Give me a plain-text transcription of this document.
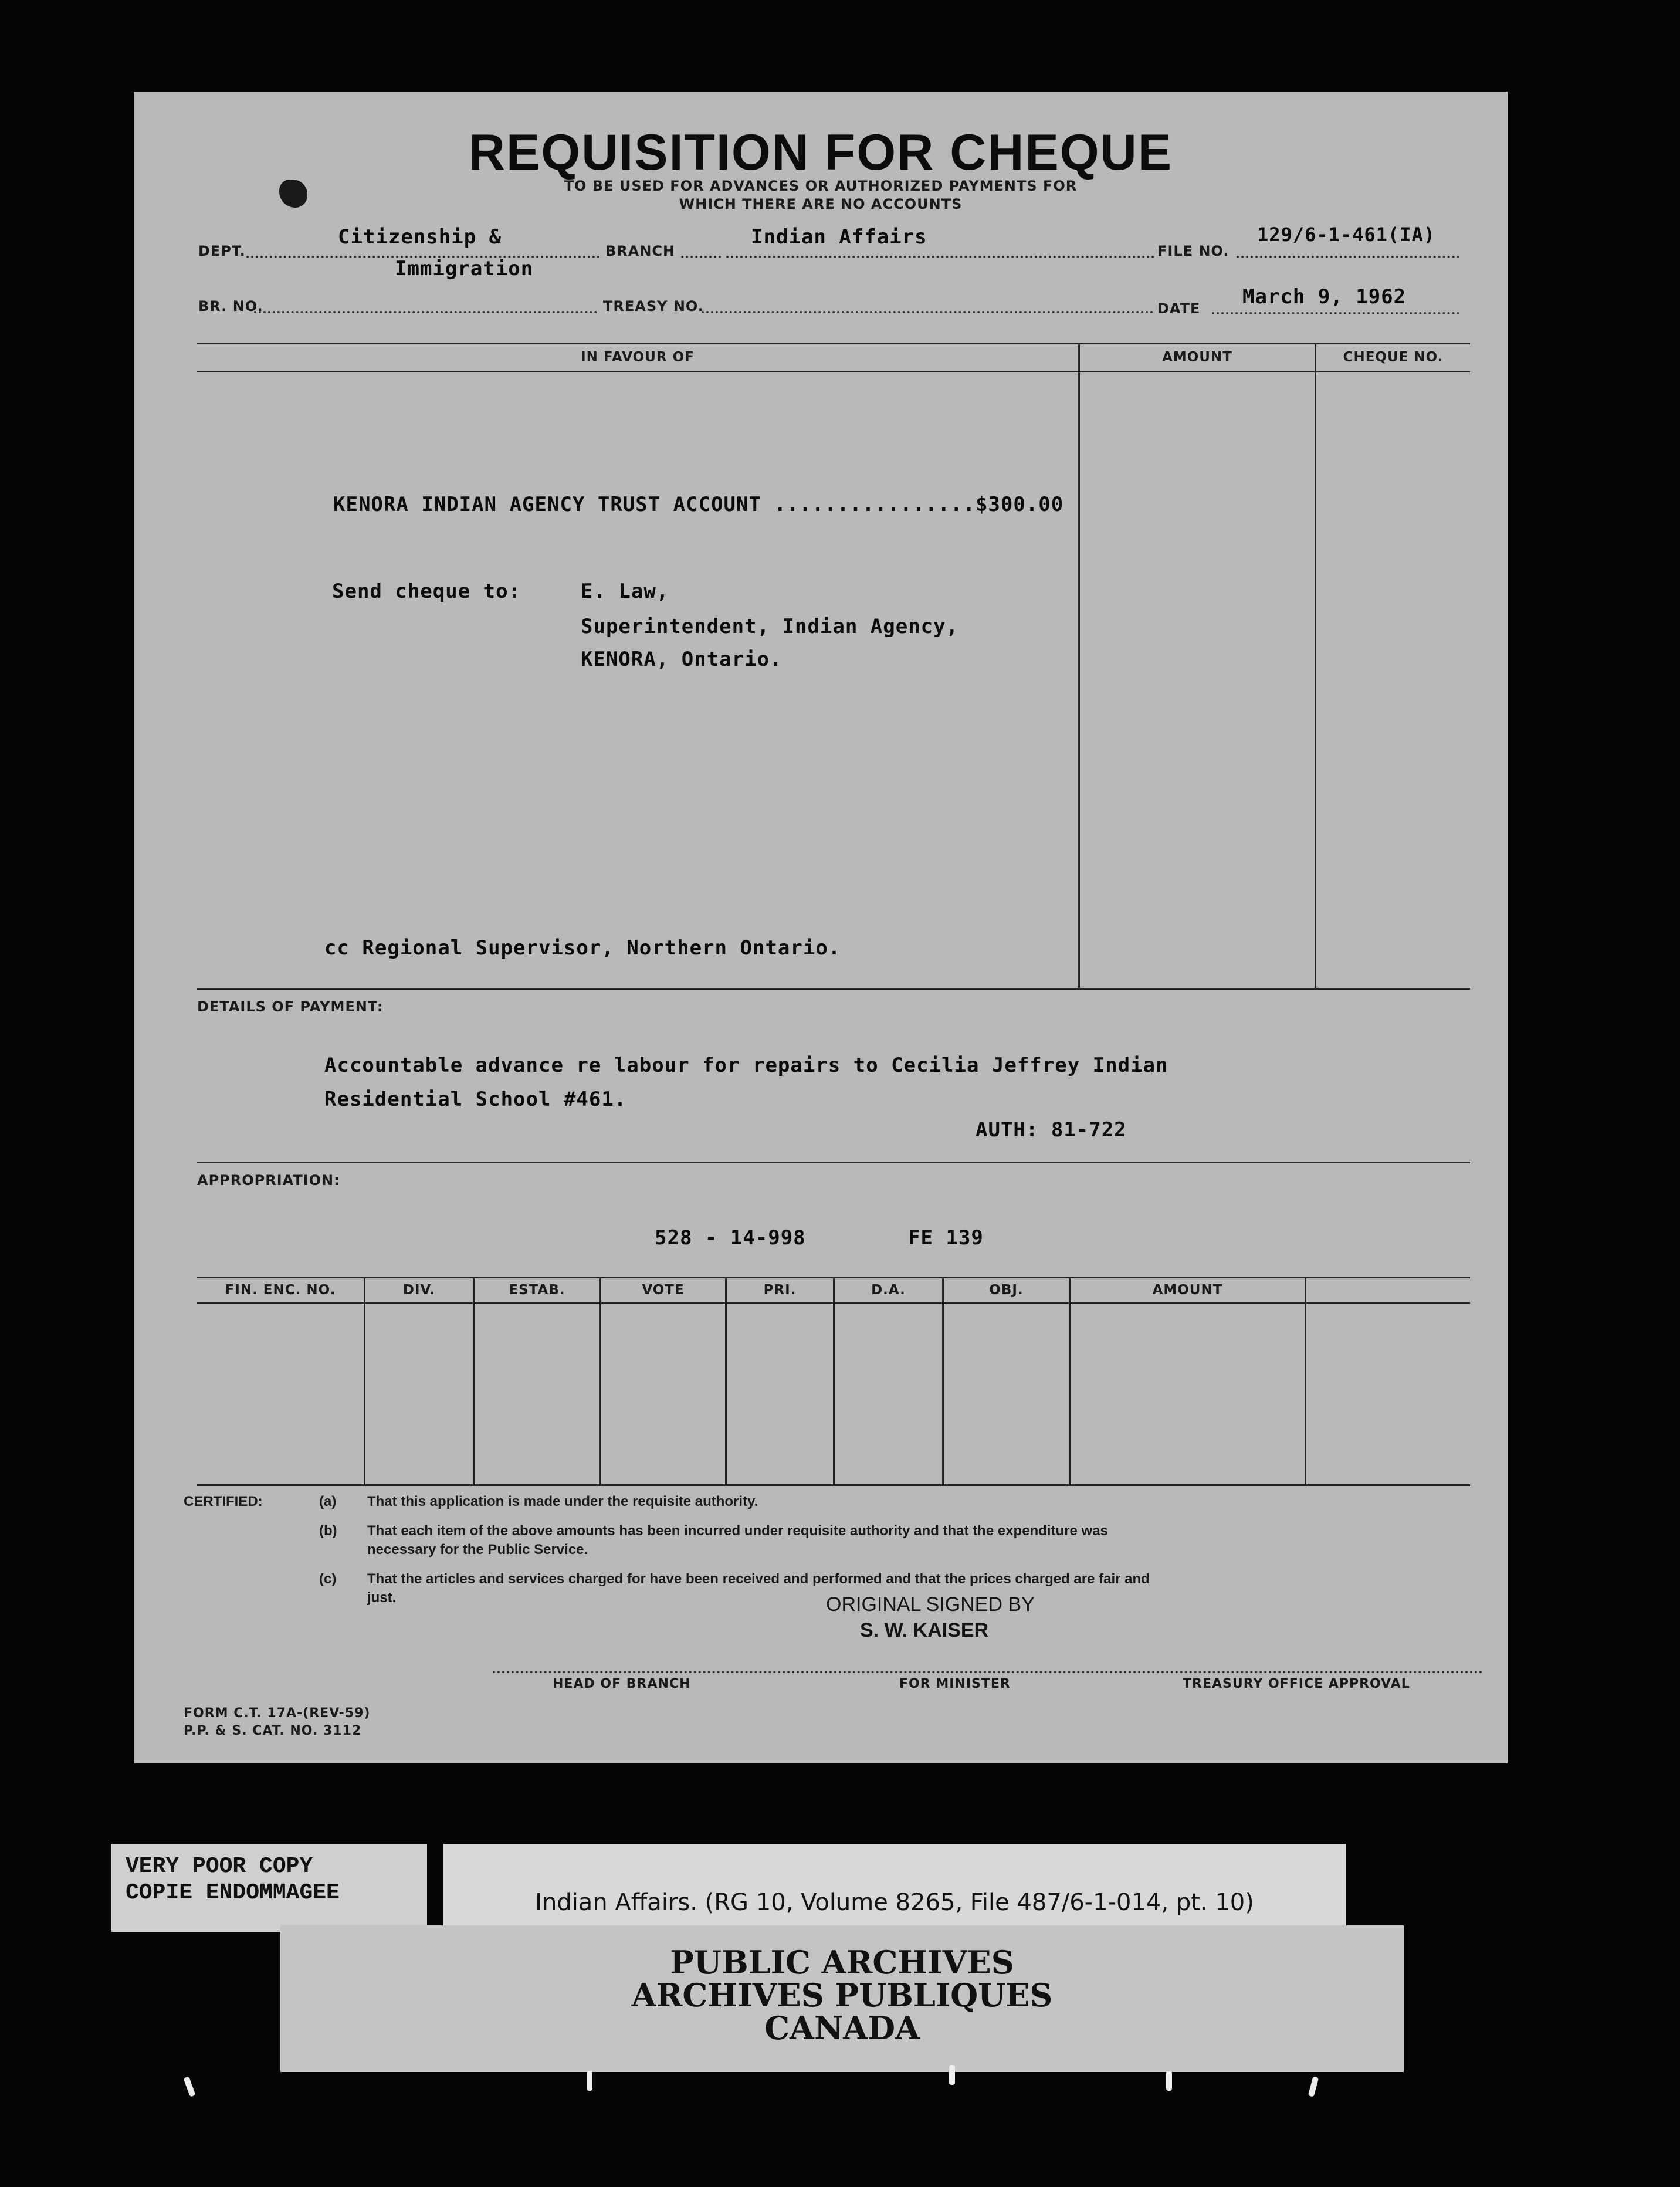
REQUISITION FOR CHEQUE
TO BE USED FOR ADVANCES OR AUTHORIZED PAYMENTS FOR
WHICH THERE ARE NO ACCOUNTS
DEPT.
Citizenship &
Immigration
BRANCH
Indian Affairs
FILE NO.
129/6-1-461(IA)
BR. NO.	TREASY NO.	DATE March 9, 1962
IN FAVOUR OF	AMOUNT	CHEQUE NO.
KENORA INDIAN AGENCY TRUST ACCOUNT ................$300.00
Send cheque to:	E. Law,
Superintendent, Indian Agency,
KENORA, Ontario.
cc Regional Supervisor, Northern Ontario.
DETAILS OF PAYMENT:
Accountable advance re labour for repairs to Cecilia Jeffrey Indian
Residential School #461.
AUTH: 81-722
APPROPRIATION:
528 - 14-998	FE 139
FIN. ENC. NO.	DIV.	ESTAB.	VOTE	PRI.	D.A.	OBJ.	AMOUNT
CERTIFIED:	(a) That this application is made under the requisite authority.
(b) That each item of the above amounts has been incurred under requisite authority and that the expenditure was necessary for the Public Service.
(c) That the articles and services charged for have been received and performed and that the prices charged are fair and just.	ORIGINAL SIGNED BY
S. W. KAISER
HEAD OF BRANCH	FOR MINISTER	TREASURY OFFICE APPROVAL
FORM C.T. 17A-(REV-59)
P.P. & S. CAT. NO. 3112
VERY POOR COPY
COPIE ENDOMMAGEE	Indian Affairs. (RG 10, Volume 8265, File 487/6-1-014, pt. 10)
PUBLIC ARCHIVES
ARCHIVES PUBLIQUES
CANADA
